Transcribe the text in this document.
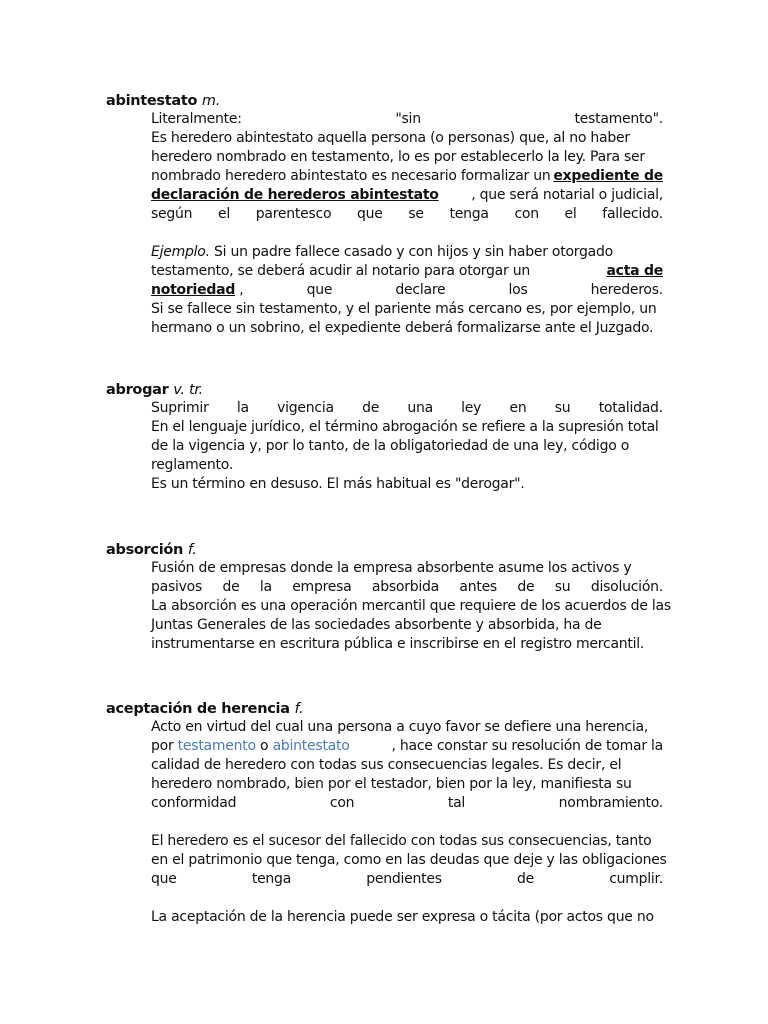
abintestato m.

Literalmente:	"sin	testamento".

Es heredero abintestato aquella persona (o personas) que, al no haber

heredero nombrado en testamento, lo es por establecerlo la ley. Para ser

nombrado heredero abintestato es necesario formalizar un expediente de

declaración de herederos abintestato , que será notarial o judicial,

según el parentesco que se tenga con el fallecido.

Ejemplo. Si un padre fallece casado y con hijos y sin haber otorgado

testamento, se deberá acudir al notario para otorgar un	acta de

notoriedad ,	que	declare	los	herederos.

Si se fallece sin testamento, y el pariente más cercano es, por ejemplo, un

hermano o un sobrino, el expediente deberá formalizarse ante el Juzgado.

abrogar v. tr.

Suprimir la vigencia de una ley en su totalidad.

En el lenguaje jurídico, el término abrogación se refiere a la supresión total

de la vigencia y, por lo tanto, de la obligatoriedad de una ley, código o

reglamento.

Es un término en desuso. El más habitual es "derogar".

absorción f.

Fusión de empresas donde la empresa absorbente asume los activos y

pasivos de la empresa absorbida antes de su disolución.

La absorción es una operación mercantil que requiere de los acuerdos de las

Juntas Generales de las sociedades absorbente y absorbida, ha de

instrumentarse en escritura pública e inscribirse en el registro mercantil.

aceptación de herencia f.

Acto en virtud del cual una persona a cuyo favor se defiere una herencia,

por testamento o abintestato	, hace constar su resolución de tomar la

calidad de heredero con todas sus consecuencias legales. Es decir, el

heredero nombrado, bien por el testador, bien por la ley, manifiesta su

conformidad	con	tal	nombramiento.

El heredero es el sucesor del fallecido con todas sus consecuencias, tanto

en el patrimonio que tenga, como en las deudas que deje y las obligaciones

que	tenga	pendientes	de	cumplir.

La aceptación de la herencia puede ser expresa o tácita (por actos que no
